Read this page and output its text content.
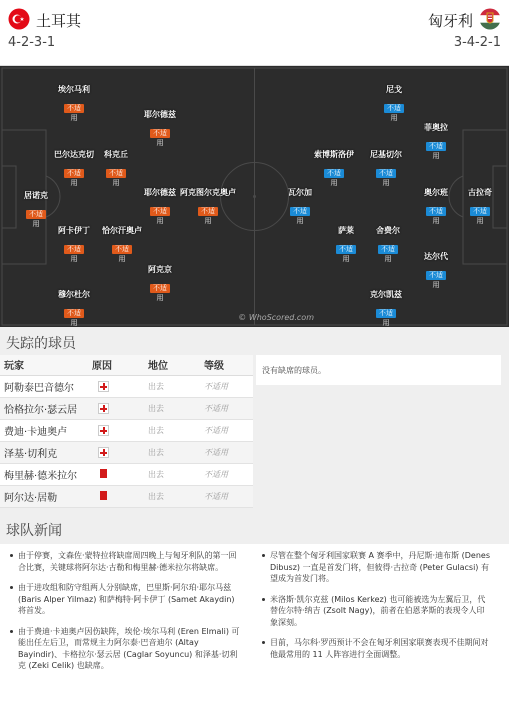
土耳其
4-2-3-1
匈牙利
3-4-2-1
居诺克
不适
用
巴尔达克切
不适
用
科克丘
不适
用
埃尔马利
不适
用
阿卡伊丁
不适
用
恰尔汗奥卢
不适
用
耶尔德兹
不适
用
耶尔德兹
不适
用
阿克图尔克奥卢
不适
用
阿克京
不适
用
穆尔杜尔
不适
用
尼戈
不适
用
菲奥拉
不适
用
索博斯洛伊
不适
用
尼基切尔
不适
用
瓦尔加
不适
用
奥尔班
不适
用
古拉奇
不适
用
萨莱
不适
用
舍费尔
不适
用	达尔代
不适
用
克尔凯兹
不适
用
© WhoScored.com
失踪的球员
玩家	原因	地位	等级
阿勒泰巴音德尔		出去	不适用
恰格拉尔·瑟云居		出去	不适用
费迪·卡迪奥卢		出去	不适用
泽基·切利克		出去	不适用
梅里赫·德米拉尔		出去	不适用
阿尔达·居勒		出去	不适用
没有缺席的球员。
球队新闻
由于停赛，文森佐·蒙特拉将缺席周四晚上与匈牙利队的第一回合比赛，关键球将阿尔达·古勒和梅里赫·德米拉尔将缺席。
由于进攻组和防守组两人分别缺席，巴里斯·阿尔珀·耶尔马兹 (Baris Alper Yilmaz) 和萨梅特·阿卡伊丁 (Samet Akaydin) 将首发。
由于费迪·卡迪奥卢因伤缺阵，埃伦·埃尔马利 (Eren Elmali) 可能出任左后卫，而常规主力阿尔泰·巴音迪尔 (Altay Bayindir)、卡格拉尔·瑟云居 (Caglar Soyuncu) 和泽基·切利克 (Zeki Celik) 也缺席。
尽管在整个匈牙利国家联赛 A 赛季中，丹尼斯·迪布斯 (Denes Dibusz) 一直是首发门将，但彼得·古拉奇 (Peter Gulacsi) 有望成为首发门将。
米洛斯·凯尔克兹 (Milos Kerkez) 也可能被选为左翼后卫，代替佐尔特·纳吉 (Zsolt Nagy)，前者在伯恩茅斯的表现令人印象深刻。
目前，马尔科·罗西预计不会在匈牙利国家联赛表现不佳期间对他最常用的 11 人阵容进行全面调整。
